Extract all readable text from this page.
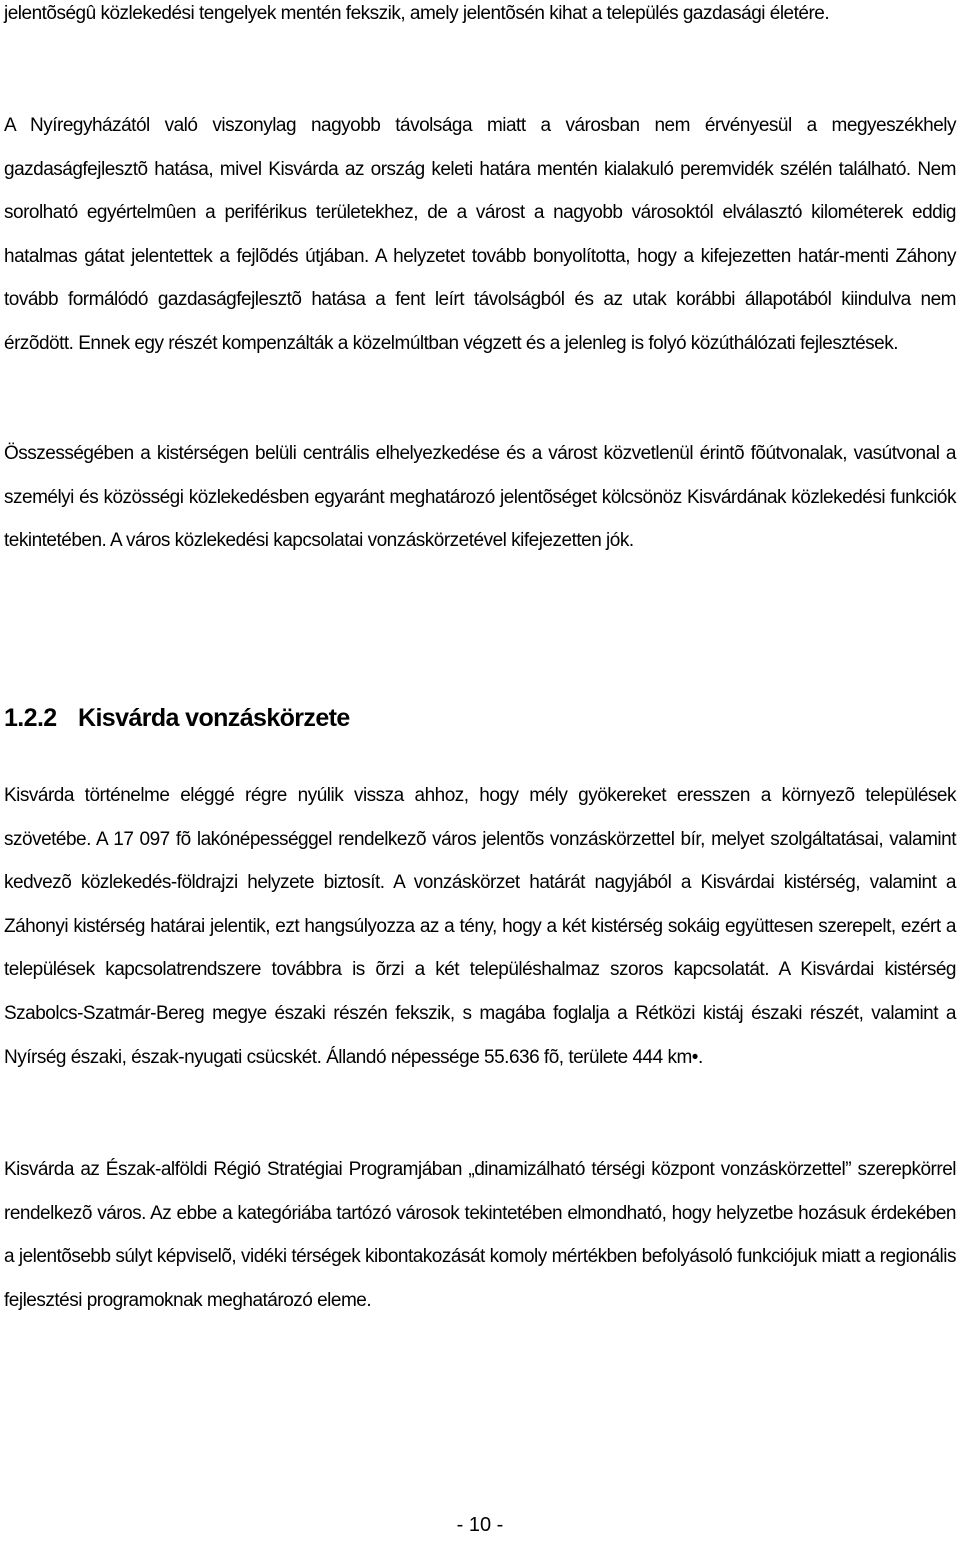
jelentõségû közlekedési tengelyek mentén fekszik, amely jelentõsén kihat a település gazdasági életére.

A Nyíregyházától való viszonylag nagyobb távolsága miatt a városban nem érvényesül a megyeszékhely gazdaságfejlesztõ hatása, mivel Kisvárda az ország keleti határa mentén kialakuló peremvidék szélén található. Nem sorolható egyértelmûen a periférikus területekhez, de a várost a nagyobb városoktól elválasztó kilométerek eddig hatalmas gátat jelentettek a fejlõdés útjában. A helyzetet tovább bonyolította, hogy a kifejezetten határ-menti Záhony tovább formálódó gazdaságfejlesztõ hatása a fent leírt távolságból és az utak korábbi állapotából kiindulva nem érzõdött. Ennek egy részét kompenzálták a közelmúltban végzett és a jelenleg is folyó közúthálózati fejlesztések.

Összességében a kistérségen belüli centrális elhelyezkedése és a várost közvetlenül érintõ fõútvonalak, vasútvonal a személyi és közösségi közlekedésben egyaránt meghatározó jelentõséget kölcsönöz Kisvárdának közlekedési funkciók tekintetében. A város közlekedési kapcsolatai vonzáskörzetével kifejezetten jók.

1.2.2 Kisvárda vonzáskörzete

Kisvárda történelme eléggé régre nyúlik vissza ahhoz, hogy mély gyökereket eresszen a környezõ települések szövetébe. A 17 097 fõ lakónépességgel rendelkezõ város jelentõs vonzáskörzettel bír, melyet szolgáltatásai, valamint kedvezõ közlekedés-földrajzi helyzete biztosít. A vonzáskörzet határát nagyjából a Kisvárdai kistérség, valamint a Záhonyi kistérség határai jelentik, ezt hangsúlyozza az a tény, hogy a két kistérség sokáig együttesen szerepelt, ezért a települések kapcsolatrendszere továbbra is õrzi a két településhalmaz szoros kapcsolatát. A Kisvárdai kistérség Szabolcs-Szatmár-Bereg megye északi részén fekszik, s magába foglalja a Rétközi kistáj északi részét, valamint a Nyírség északi, észak-nyugati csücskét. Állandó népessége 55.636 fõ, területe 444 km•.

Kisvárda az Észak-alföldi Régió Stratégiai Programjában „dinamizálható térségi központ vonzáskörzettel” szerepkörrel rendelkezõ város. Az ebbe a kategóriába tartózó városok tekintetében elmondható, hogy helyzetbe hozásuk érdekében a jelentõsebb súlyt képviselõ, vidéki térségek kibontakozását komoly mértékben befolyásoló funkciójuk miatt a regionális fejlesztési programoknak meghatározó eleme.

- 10 -
